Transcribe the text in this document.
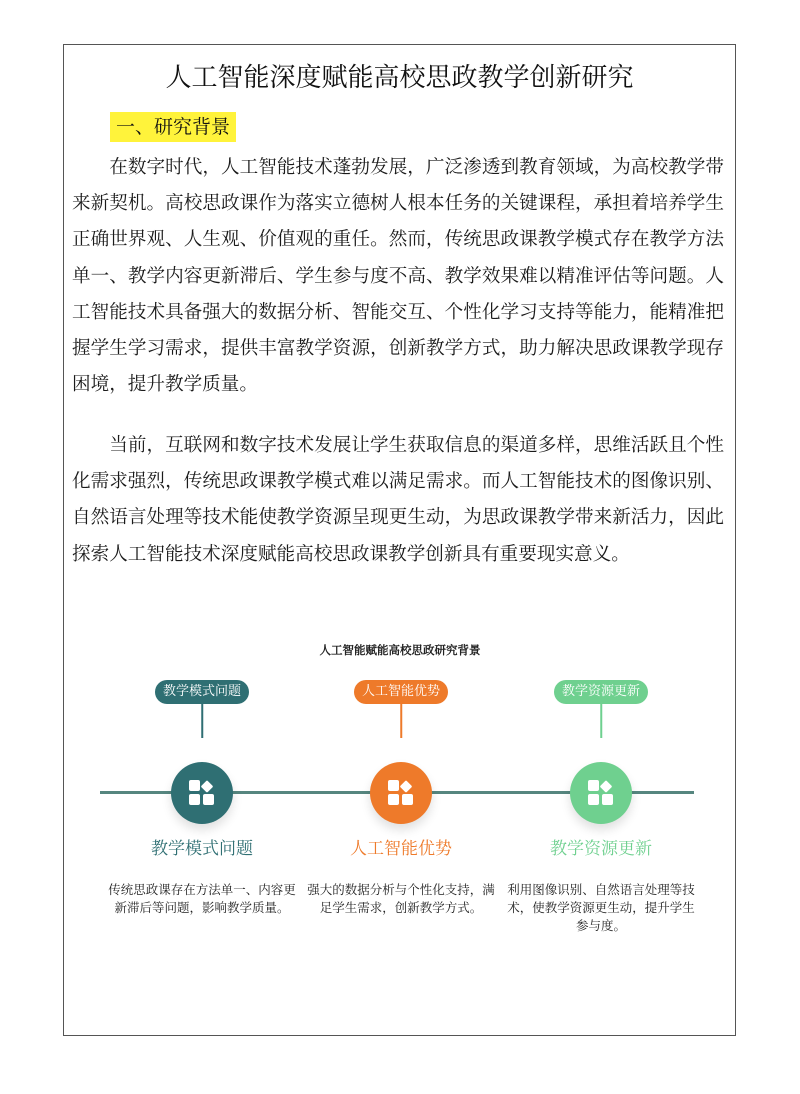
人工智能深度赋能高校思政教学创新研究
一、研究背景

在数字时代，人工智能技术蓬勃发展，广泛渗透到教育领域，为高校教学带来新契机。高校思政课作为落实立德树人根本任务的关键课程，承担着培养学生正确世界观、人生观、价值观的重任。然而，传统思政课教学模式存在教学方法单一、教学内容更新滞后、学生参与度不高、教学效果难以精准评估等问题。人工智能技术具备强大的数据分析、智能交互、个性化学习支持等能力，能精准把握学生学习需求，提供丰富教学资源，创新教学方式，助力解决思政课教学现存困境，提升教学质量。

当前，互联网和数字技术发展让学生获取信息的渠道多样，思维活跃且个性化需求强烈，传统思政课教学模式难以满足需求。而人工智能技术的图像识别、自然语言处理等技术能使教学资源呈现更生动，为思政课教学带来新活力，因此探索人工智能技术深度赋能高校思政课教学创新具有重要现实意义。

人工智能赋能高校思政研究背景
教学模式问题
教学模式问题
传统思政课存在方法单一、内容更新滞后等问题，影响教学质量。
人工智能优势
人工智能优势
强大的数据分析与个性化支持，满足学生需求，创新教学方式。
教学资源更新
教学资源更新
利用图像识别、自然语言处理等技术，使教学资源更生动，提升学生参与度。
